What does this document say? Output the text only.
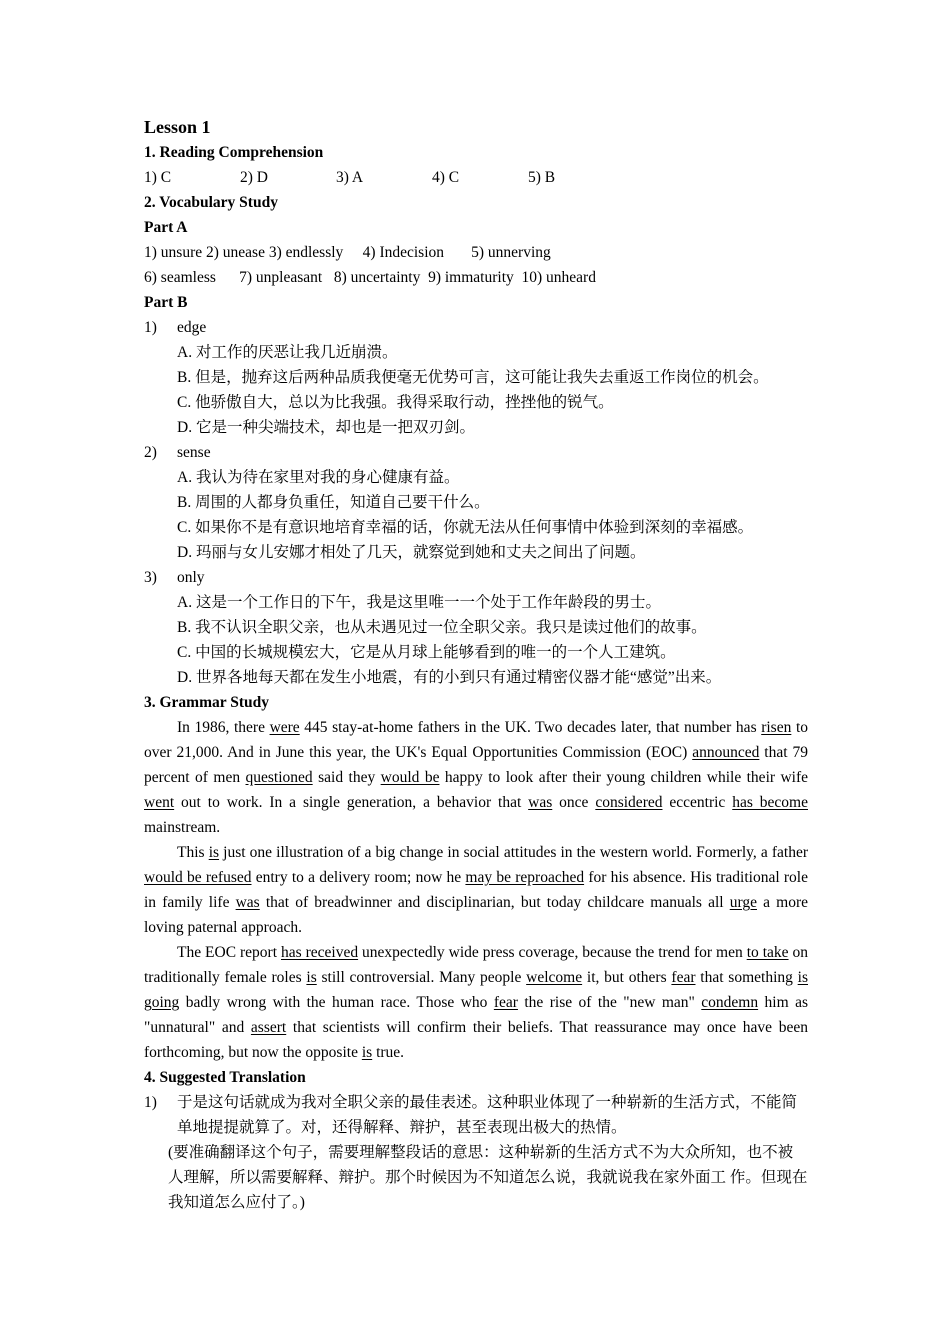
Lesson 1
1. Reading Comprehension
1) C	2) D	3) A	4) C	5) B
2. Vocabulary Study
Part A
1) unsure 2) unease 3) endlessly     4) Indecision       5) unnerving
6) seamless      7) unpleasant   8) uncertainty  9) immaturity  10) unheard
Part B
1) edge
A. 对工作的厌恶让我几近崩溃。
B. 但是，抛弃这后两种品质我便毫无优势可言，这可能让我失去重返工作岗位的机会。
C. 他骄傲自大，总以为比我强。我得采取行动，挫挫他的锐气。
D. 它是一种尖端技术，却也是一把双刃剑。
2) sense
A. 我认为待在家里对我的身心健康有益。
B. 周围的人都身负重任，知道自己要干什么。
C. 如果你不是有意识地培育幸福的话，你就无法从任何事情中体验到深刻的幸福感。
D. 玛丽与女儿安娜才相处了几天，就察觉到她和丈夫之间出了问题。
3) only
A. 这是一个工作日的下午，我是这里唯一一个处于工作年龄段的男士。
B. 我不认识全职父亲，也从未遇见过一位全职父亲。我只是读过他们的故事。
C. 中国的长城规模宏大，它是从月球上能够看到的唯一的一个人工建筑。
D. 世界各地每天都在发生小地震，有的小到只有通过精密仪器才能“感觉”出来。
3. Grammar Study

In 1986, there were 445 stay-at-home fathers in the UK. Two decades later, that number has risen to over 21,000. And in June this year, the UK's Equal Opportunities Commission (EOC) announced that 79 percent of men questioned said they would be happy to look after their young children while their wife went out to work. In a single generation, a behavior that was once considered eccentric has become mainstream.

This is just one illustration of a big change in social attitudes in the western world. Formerly, a father would be refused entry to a delivery room; now he may be reproached for his absence. His traditional role in family life was that of breadwinner and disciplinarian, but today childcare manuals all urge a more loving paternal approach.

The EOC report has received unexpectedly wide press coverage, because the trend for men to take on traditionally female roles is still controversial. Many people welcome it, but others fear that something is going badly wrong with the human race. Those who fear the rise of the "new man" condemn him as "unnatural" and assert that scientists will confirm their beliefs. That reassurance may once have been forthcoming, but now the opposite is true.

4. Suggested Translation
1) 于是这句话就成为我对全职父亲的最佳表述。这种职业体现了一种崭新的生活方式，不能简单地提提就算了。对，还得解释、辩护，甚至表现出极大的热情。
(要准确翻译这个句子，需要理解整段话的意思：这种崭新的生活方式不为大众所知，也不被人理解，所以需要解释、辩护。那个时候因为不知道怎么说，我就说我在家外面工 作。但现在我知道怎么应付了。)
